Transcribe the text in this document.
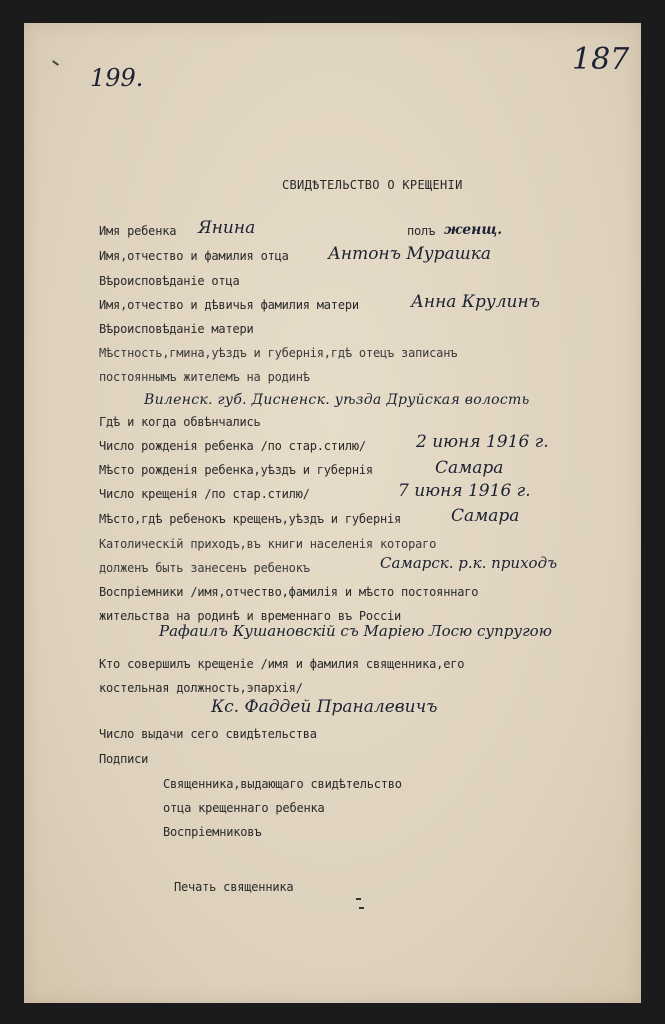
199.
187
СВИДѢТЕЛЬСТВО О КРЕЩЕНIИ
Имя ребенка	полъ
Имя,отчество и фамилия отца
Вѣроисповѣданiе отца
Имя,отчество и дѣвичья фамилия матери
Вѣроисповѣданiе матери
Мѣстность,гмина,уѣздъ и губернiя,гдѣ отецъ записанъ
постояннымъ жителемъ на родинѣ
Гдѣ и когда обвѣнчались
Число рожденiя ребенка /по стар.стилю/
Мѣсто рожденiя ребенка,уѣздъ и губернiя
Число крещенiя /по стар.стилю/
Мѣсто,гдѣ ребенокъ крещенъ,уѣздъ и губернiя
Католическiй приходъ,въ книги населенiя котораго
долженъ быть занесенъ ребенокъ
Воспрiемники /имя,отчество,фамилiя и мѣсто постояннаго
жительства на родинѣ и временнаго въ Россiи
Кто совершилъ крещенiе /имя и фамилия священника,его
костельная должность,эпархiя/
Число выдачи сего свидѣтельства
Подписи
Священника,выдающаго свидѣтельство
отца крещеннаго ребенка
Воспрiемниковъ
Печать священника
Янина	женщ.
Антонъ Мурашка
Анна Крулинъ
Виленск. губ. Дисненск. уѣзда Друйская волость
2 июня 1916 г.
Самара
7 июня 1916 г.
Самара
Самарск. р.к. приходъ
Рафаилъ Кушановскiй съ Марiею Лосю супругою
Кс. Фаддей Праналевичъ
